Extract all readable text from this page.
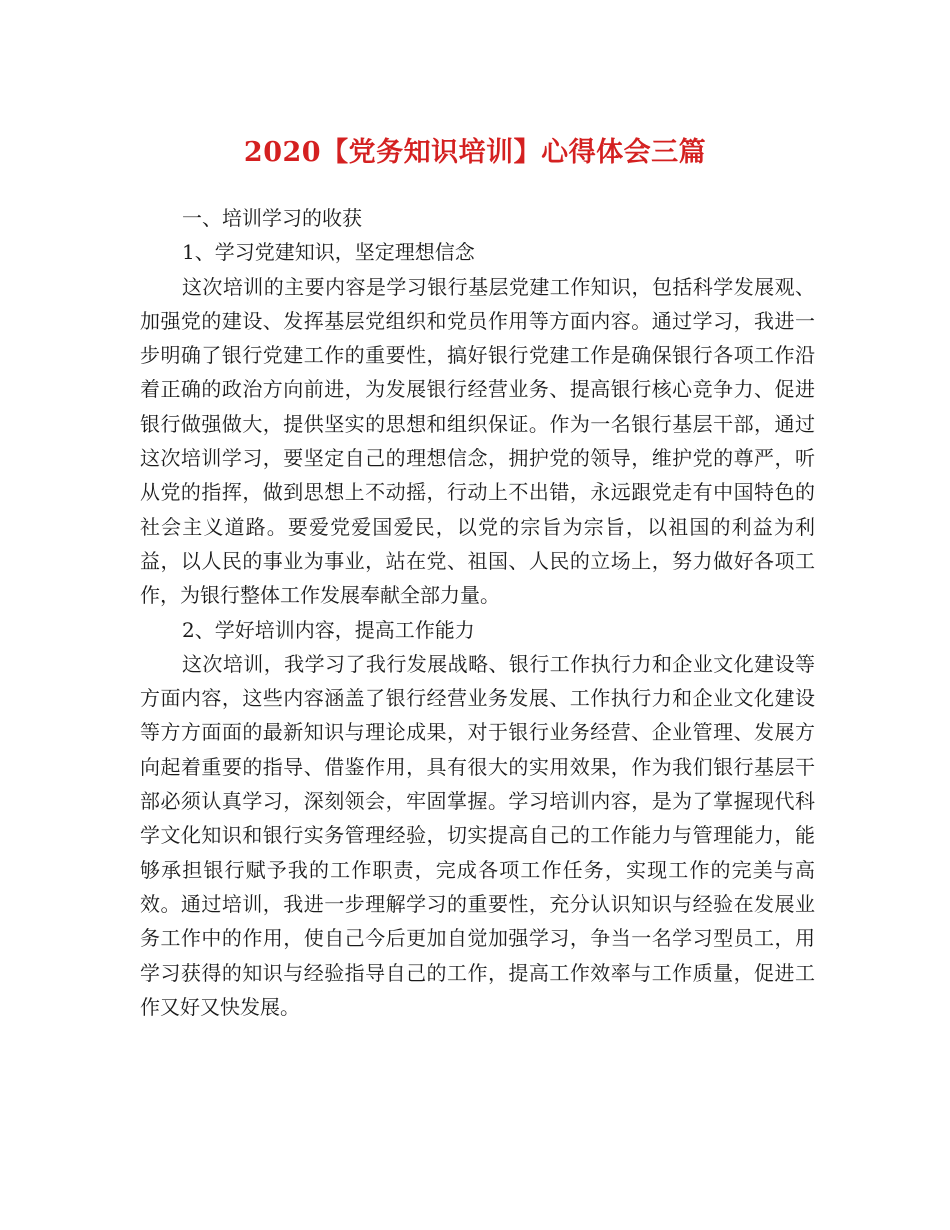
2020【党务知识培训】心得体会三篇

一、培训学习的收获

1、学习党建知识，坚定理想信念

这次培训的主要内容是学习银行基层党建工作知识，包括科学发展观、加强党的建设、发挥基层党组织和党员作用等方面内容。通过学习，我进一步明确了银行党建工作的重要性，搞好银行党建工作是确保银行各项工作沿着正确的政治方向前进，为发展银行经营业务、提高银行核心竞争力、促进银行做强做大，提供坚实的思想和组织保证。作为一名银行基层干部，通过这次培训学习，要坚定自己的理想信念，拥护党的领导，维护党的尊严，听从党的指挥，做到思想上不动摇，行动上不出错，永远跟党走有中国特色的社会主义道路。要爱党爱国爱民，以党的宗旨为宗旨，以祖国的利益为利益，以人民的事业为事业，站在党、祖国、人民的立场上，努力做好各项工作，为银行整体工作发展奉献全部力量。

2、学好培训内容，提高工作能力

这次培训，我学习了我行发展战略、银行工作执行力和企业文化建设等方面内容，这些内容涵盖了银行经营业务发展、工作执行力和企业文化建设等方方面面的最新知识与理论成果，对于银行业务经营、企业管理、发展方向起着重要的指导、借鉴作用，具有很大的实用效果，作为我们银行基层干部必须认真学习，深刻领会，牢固掌握。学习培训内容，是为了掌握现代科学文化知识和银行实务管理经验，切实提高自己的工作能力与管理能力，能够承担银行赋予我的工作职责，完成各项工作任务，实现工作的完美与高效。通过培训，我进一步理解学习的重要性，充分认识知识与经验在发展业务工作中的作用，使自己今后更加自觉加强学习，争当一名学习型员工，用学习获得的知识与经验指导自己的工作，提高工作效率与工作质量，促进工作又好又快发展。
